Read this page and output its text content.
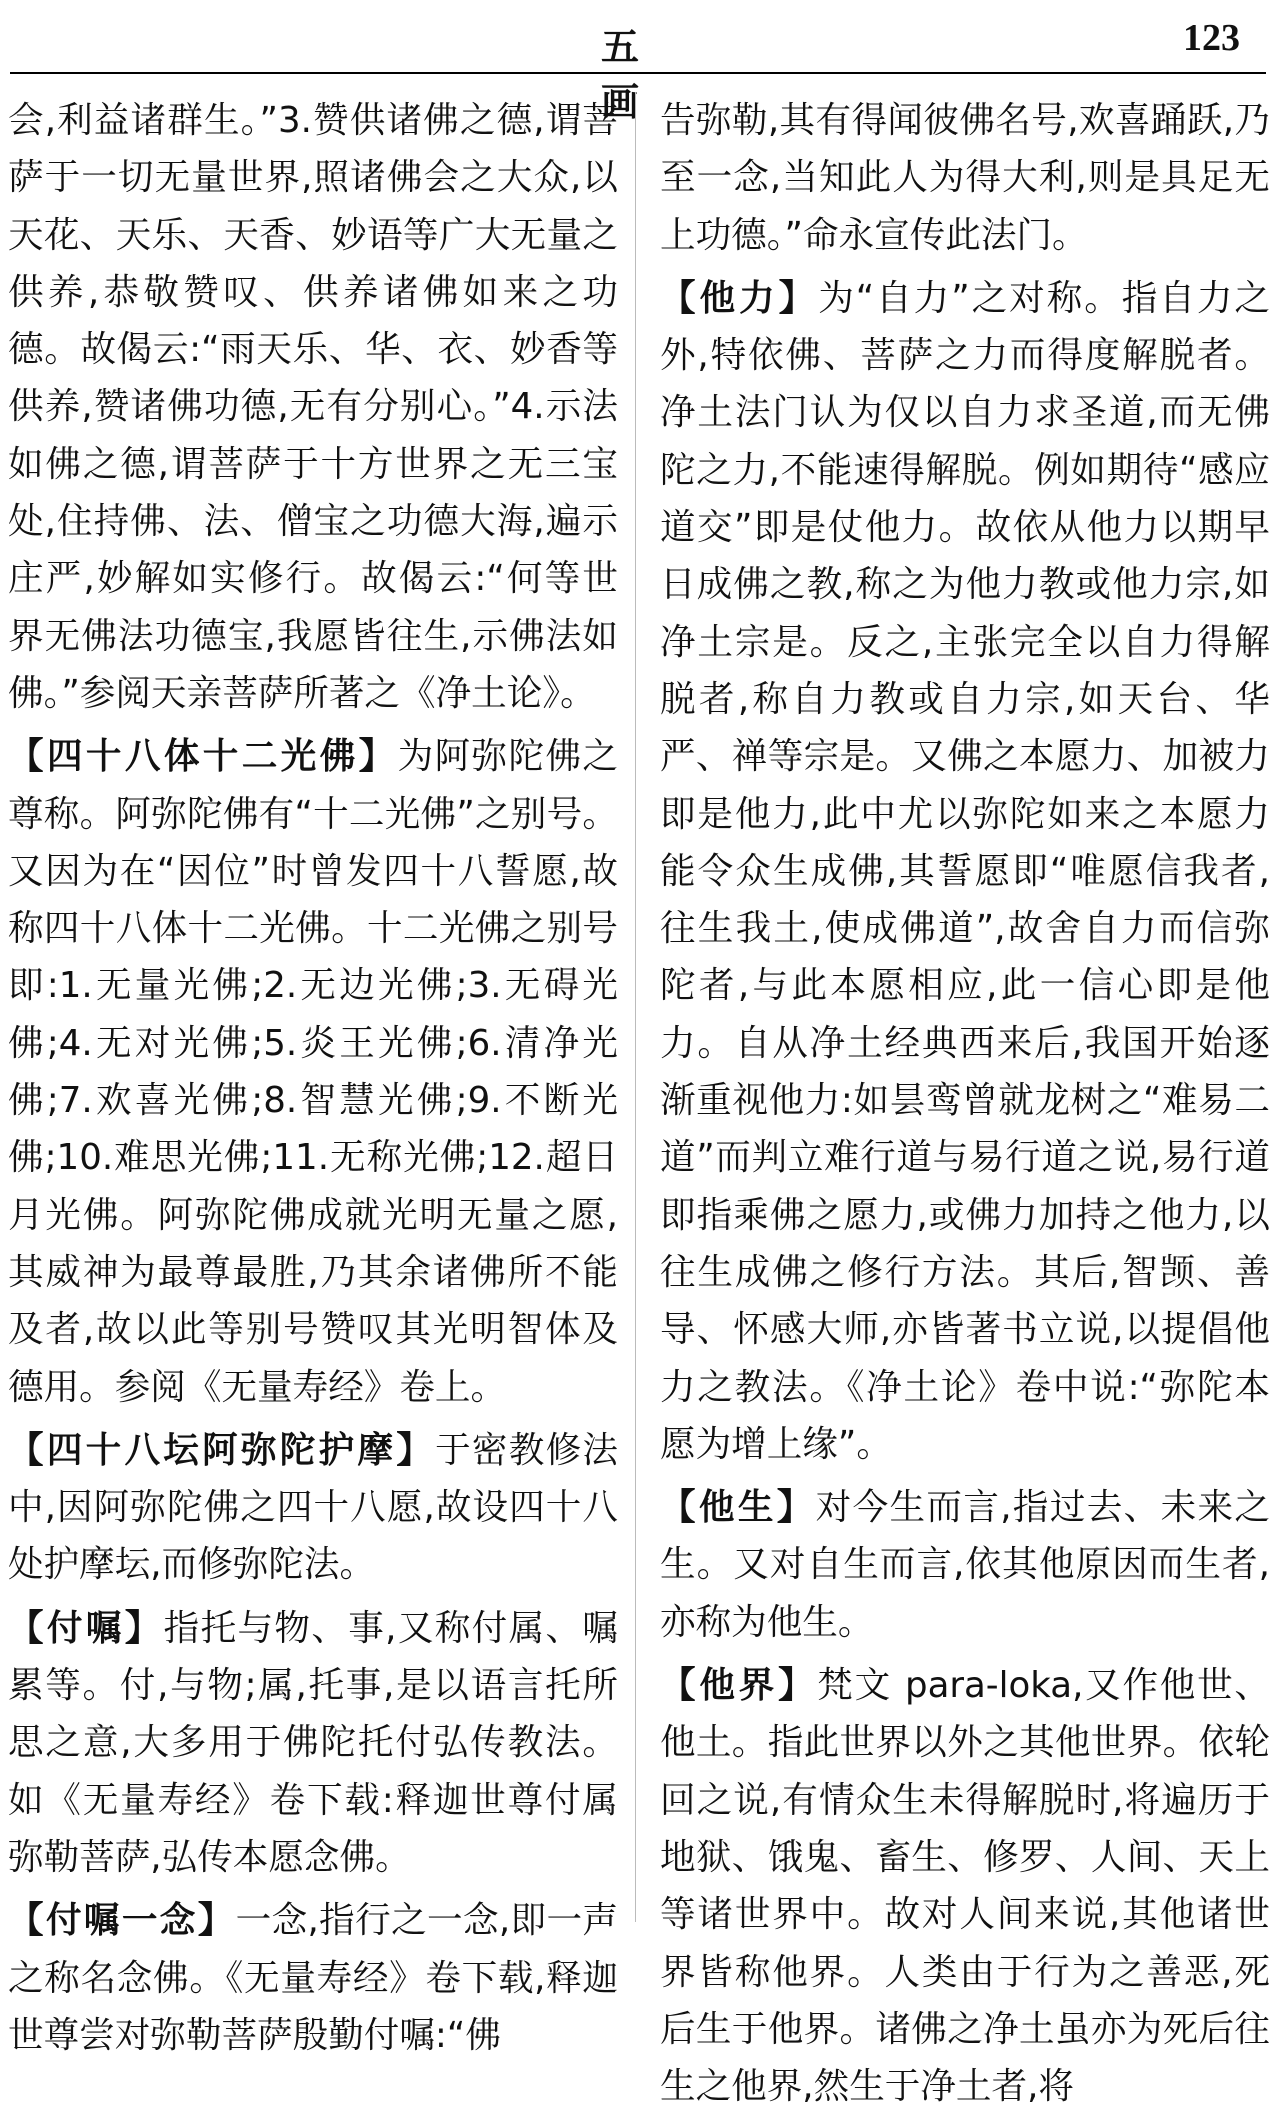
五 画
123

会,利益诸群生。”3.赞供诸佛之德,谓菩萨于一切无量世界,照诸佛会之大众,以天花、天乐、天香、妙语等广大无量之供养,恭敬赞叹、供养诸佛如来之功德。故偈云:“雨天乐、华、衣、妙香等供养,赞诸佛功德,无有分别心。”4.示法如佛之德,谓菩萨于十方世界之无三宝处,住持佛、法、僧宝之功德大海,遍示庄严,妙解如实修行。故偈云:“何等世界无佛法功德宝,我愿皆往生,示佛法如佛。”参阅天亲菩萨所著之《净土论》。

【四十八体十二光佛】为阿弥陀佛之尊称。阿弥陀佛有“十二光佛”之别号。又因为在“因位”时曾发四十八誓愿,故称四十八体十二光佛。十二光佛之别号即:1.无量光佛;2.无边光佛;3.无碍光佛;4.无对光佛;5.炎王光佛;6.清净光佛;7.欢喜光佛;8.智慧光佛;9.不断光佛;10.难思光佛;11.无称光佛;12.超日月光佛。阿弥陀佛成就光明无量之愿,其威神为最尊最胜,乃其余诸佛所不能及者,故以此等别号赞叹其光明智体及德用。参阅《无量寿经》卷上。

【四十八坛阿弥陀护摩】于密教修法中,因阿弥陀佛之四十八愿,故设四十八处护摩坛,而修弥陀法。

【付嘱】指托与物、事,又称付属、嘱累等。付,与物;属,托事,是以语言托所思之意,大多用于佛陀托付弘传教法。如《无量寿经》卷下载:释迦世尊付属弥勒菩萨,弘传本愿念佛。

【付嘱一念】一念,指行之一念,即一声之称名念佛。《无量寿经》卷下载,释迦世尊尝对弥勒菩萨殷勤付嘱:“佛

告弥勒,其有得闻彼佛名号,欢喜踊跃,乃至一念,当知此人为得大利,则是具足无上功德。”命永宣传此法门。

【他力】为“自力”之对称。指自力之外,特依佛、菩萨之力而得度解脱者。净土法门认为仅以自力求圣道,而无佛陀之力,不能速得解脱。例如期待“感应道交”即是仗他力。故依从他力以期早日成佛之教,称之为他力教或他力宗,如净土宗是。反之,主张完全以自力得解脱者,称自力教或自力宗,如天台、华严、禅等宗是。又佛之本愿力、加被力即是他力,此中尤以弥陀如来之本愿力能令众生成佛,其誓愿即“唯愿信我者,往生我土,使成佛道”,故舍自力而信弥陀者,与此本愿相应,此一信心即是他力。自从净土经典西来后,我国开始逐渐重视他力:如昙鸾曾就龙树之“难易二道”而判立难行道与易行道之说,易行道即指乘佛之愿力,或佛力加持之他力,以往生成佛之修行方法。其后,智𫖮、善导、怀感大师,亦皆著书立说,以提倡他力之教法。《净土论》卷中说:“弥陀本愿为增上缘”。

【他生】对今生而言,指过去、未来之生。又对自生而言,依其他原因而生者,亦称为他生。

【他界】梵文 para-loka,又作他世、他土。指此世界以外之其他世界。依轮回之说,有情众生未得解脱时,将遍历于地狱、饿鬼、畜生、修罗、人间、天上等诸世界中。故对人间来说,其他诸世界皆称他界。人类由于行为之善恶,死后生于他界。诸佛之净土虽亦为死后往生之他界,然生于净土者,将
